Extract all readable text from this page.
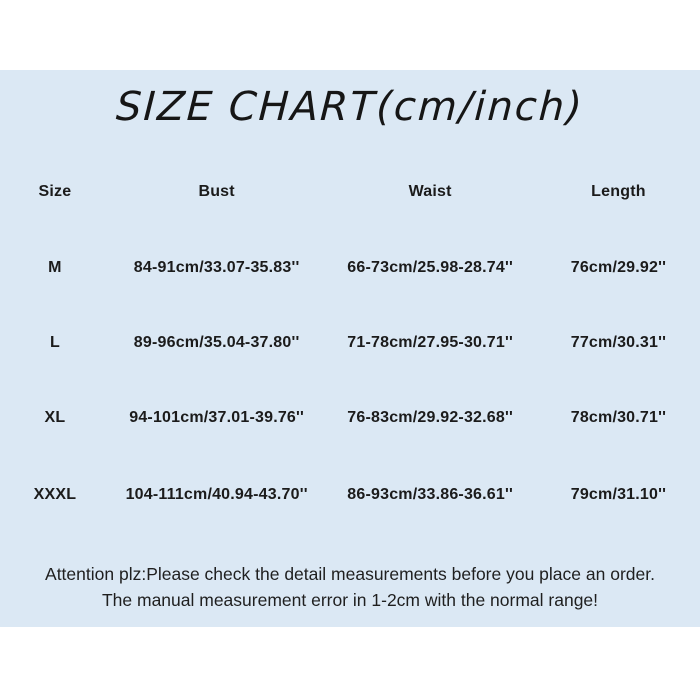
SIZE CHART(cm/inch)
Size	Bust	Waist	Length
M	84-91cm/33.07-35.83''	66-73cm/25.98-28.74''	76cm/29.92''
L	89-96cm/35.04-37.80''	71-78cm/27.95-30.71''	77cm/30.31''
XL	94-101cm/37.01-39.76''	76-83cm/29.92-32.68''	78cm/30.71''
XXXL	104-111cm/40.94-43.70''	86-93cm/33.86-36.61''	79cm/31.10''
Attention plz:Please check the detail measurements before you place an order.
The manual measurement error in 1-2cm with the normal range!
